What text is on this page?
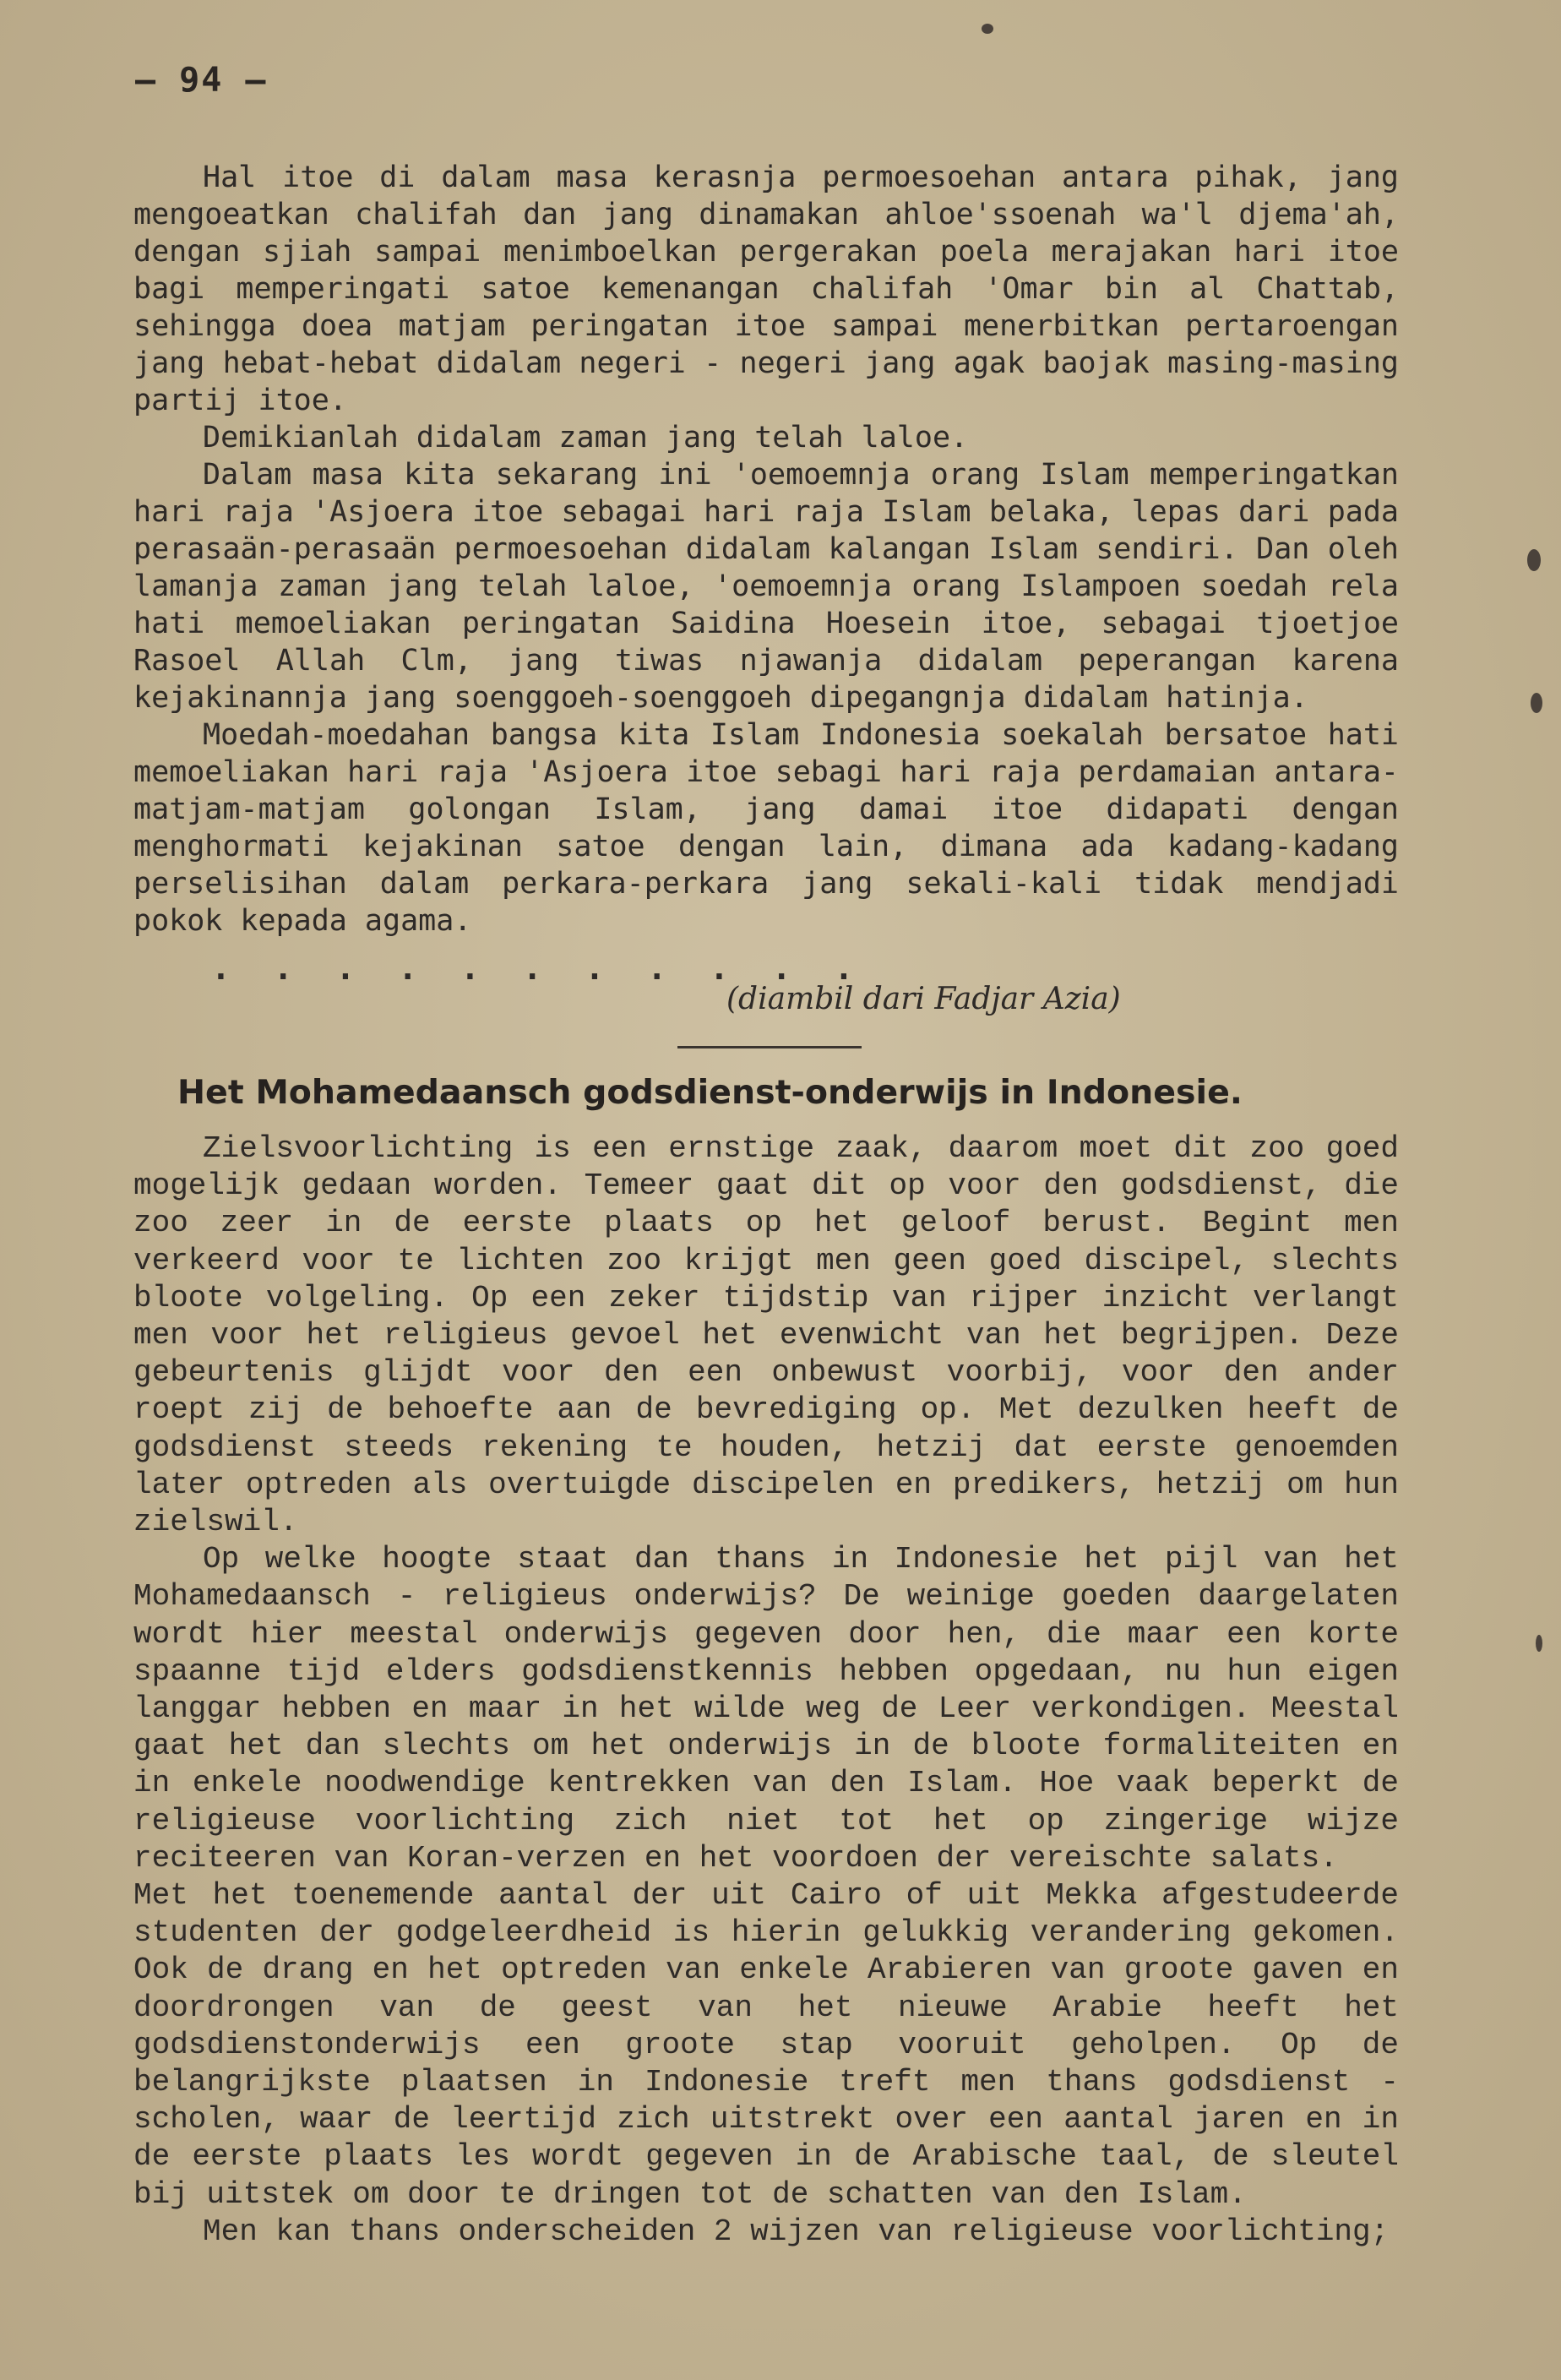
— 94 —

Hal itoe di dalam masa kerasnja permoesoehan antara pihak, jang mengoeatkan chalifah dan jang dinamakan ahloe'ssoenah wa'l djema'ah, dengan sjiah sampai menimboelkan pergerakan poela merajakan hari itoe bagi memperingati satoe kemenangan chalifah 'Omar bin al Chattab, sehingga doea matjam peringatan itoe sampai menerbitkan pertaroengan jang hebat-hebat didalam negeri - negeri jang agak baojak masing-masing partij itoe.

Demikianlah didalam zaman jang telah laloe.

Dalam masa kita sekarang ini 'oemoemnja orang Islam memperingatkan hari raja 'Asjoera itoe sebagai hari raja Islam belaka, lepas dari pada perasaän-perasaän permoesoehan didalam kalangan Islam sendiri. Dan oleh lamanja zaman jang telah laloe, 'oemoemnja orang Islampoen soedah rela hati memoeliakan peringatan Saidina Hoesein itoe, sebagai tjoetjoe Rasoel Allah Clm, jang tiwas njawanja didalam peperangan karena kejakinannja jang soenggoeh-soenggoeh dipegangnja didalam hatinja.

Moedah-moedahan bangsa kita Islam Indonesia soekalah bersatoe hati memoeliakan hari raja 'Asjoera itoe sebagi hari raja perdamaian antara-matjam-matjam golongan Islam, jang damai itoe didapati dengan menghormati kejakinan satoe dengan lain, dimana ada kadang-kadang perselisihan dalam perkara-perkara jang sekali-kali tidak mendjadi pokok kepada agama.

. . . . . . . . . . .
(diambil dari Fadjar Azia)
Het Mohamedaansch godsdienst-onderwijs in Indonesie.

Zielsvoorlichting is een ernstige zaak, daarom moet dit zoo goed mogelijk gedaan worden. Temeer gaat dit op voor den godsdienst, die zoo zeer in de eerste plaats op het geloof berust. Begint men verkeerd voor te lichten zoo krijgt men geen goed discipel, slechts bloote volgeling. Op een zeker tijdstip van rijper inzicht verlangt men voor het religieus gevoel het evenwicht van het begrijpen. Deze gebeurtenis glijdt voor den een onbewust voorbij, voor den ander roept zij de behoefte aan de bevrediging op. Met dezulken heeft de godsdienst steeds rekening te houden, hetzij dat eerste genoemden later optreden als overtuigde discipelen en predikers, hetzij om hun zielswil.

Op welke hoogte staat dan thans in Indonesie het pijl van het Mohamedaansch - religieus onderwijs? De weinige goeden daargelaten wordt hier meestal onderwijs gegeven door hen, die maar een korte spaanne tijd elders godsdienstkennis hebben opgedaan, nu hun eigen langgar hebben en maar in het wilde weg de Leer verkondigen. Meestal gaat het dan slechts om het onderwijs in de bloote formaliteiten en in enkele noodwendige kentrekken van den Islam. Hoe vaak beperkt de religieuse voorlichting zich niet tot het op zingerige wijze reciteeren van Koran-verzen en het voordoen der vereischte salats.

Met het toenemende aantal der uit Cairo of uit Mekka afgestudeerde studenten der godgeleerdheid is hierin gelukkig verandering gekomen. Ook de drang en het optreden van enkele Arabieren van groote gaven en doordrongen van de geest van het nieuwe Arabie heeft het godsdienstonderwijs een groote stap vooruit geholpen. Op de belangrijkste plaatsen in Indonesie treft men thans godsdienst - scholen, waar de leertijd zich uitstrekt over een aantal jaren en in de eerste plaats les wordt gegeven in de Arabische taal, de sleutel bij uitstek om door te dringen tot de schatten van den Islam.

Men kan thans onderscheiden 2 wijzen van religieuse voorlichting;
